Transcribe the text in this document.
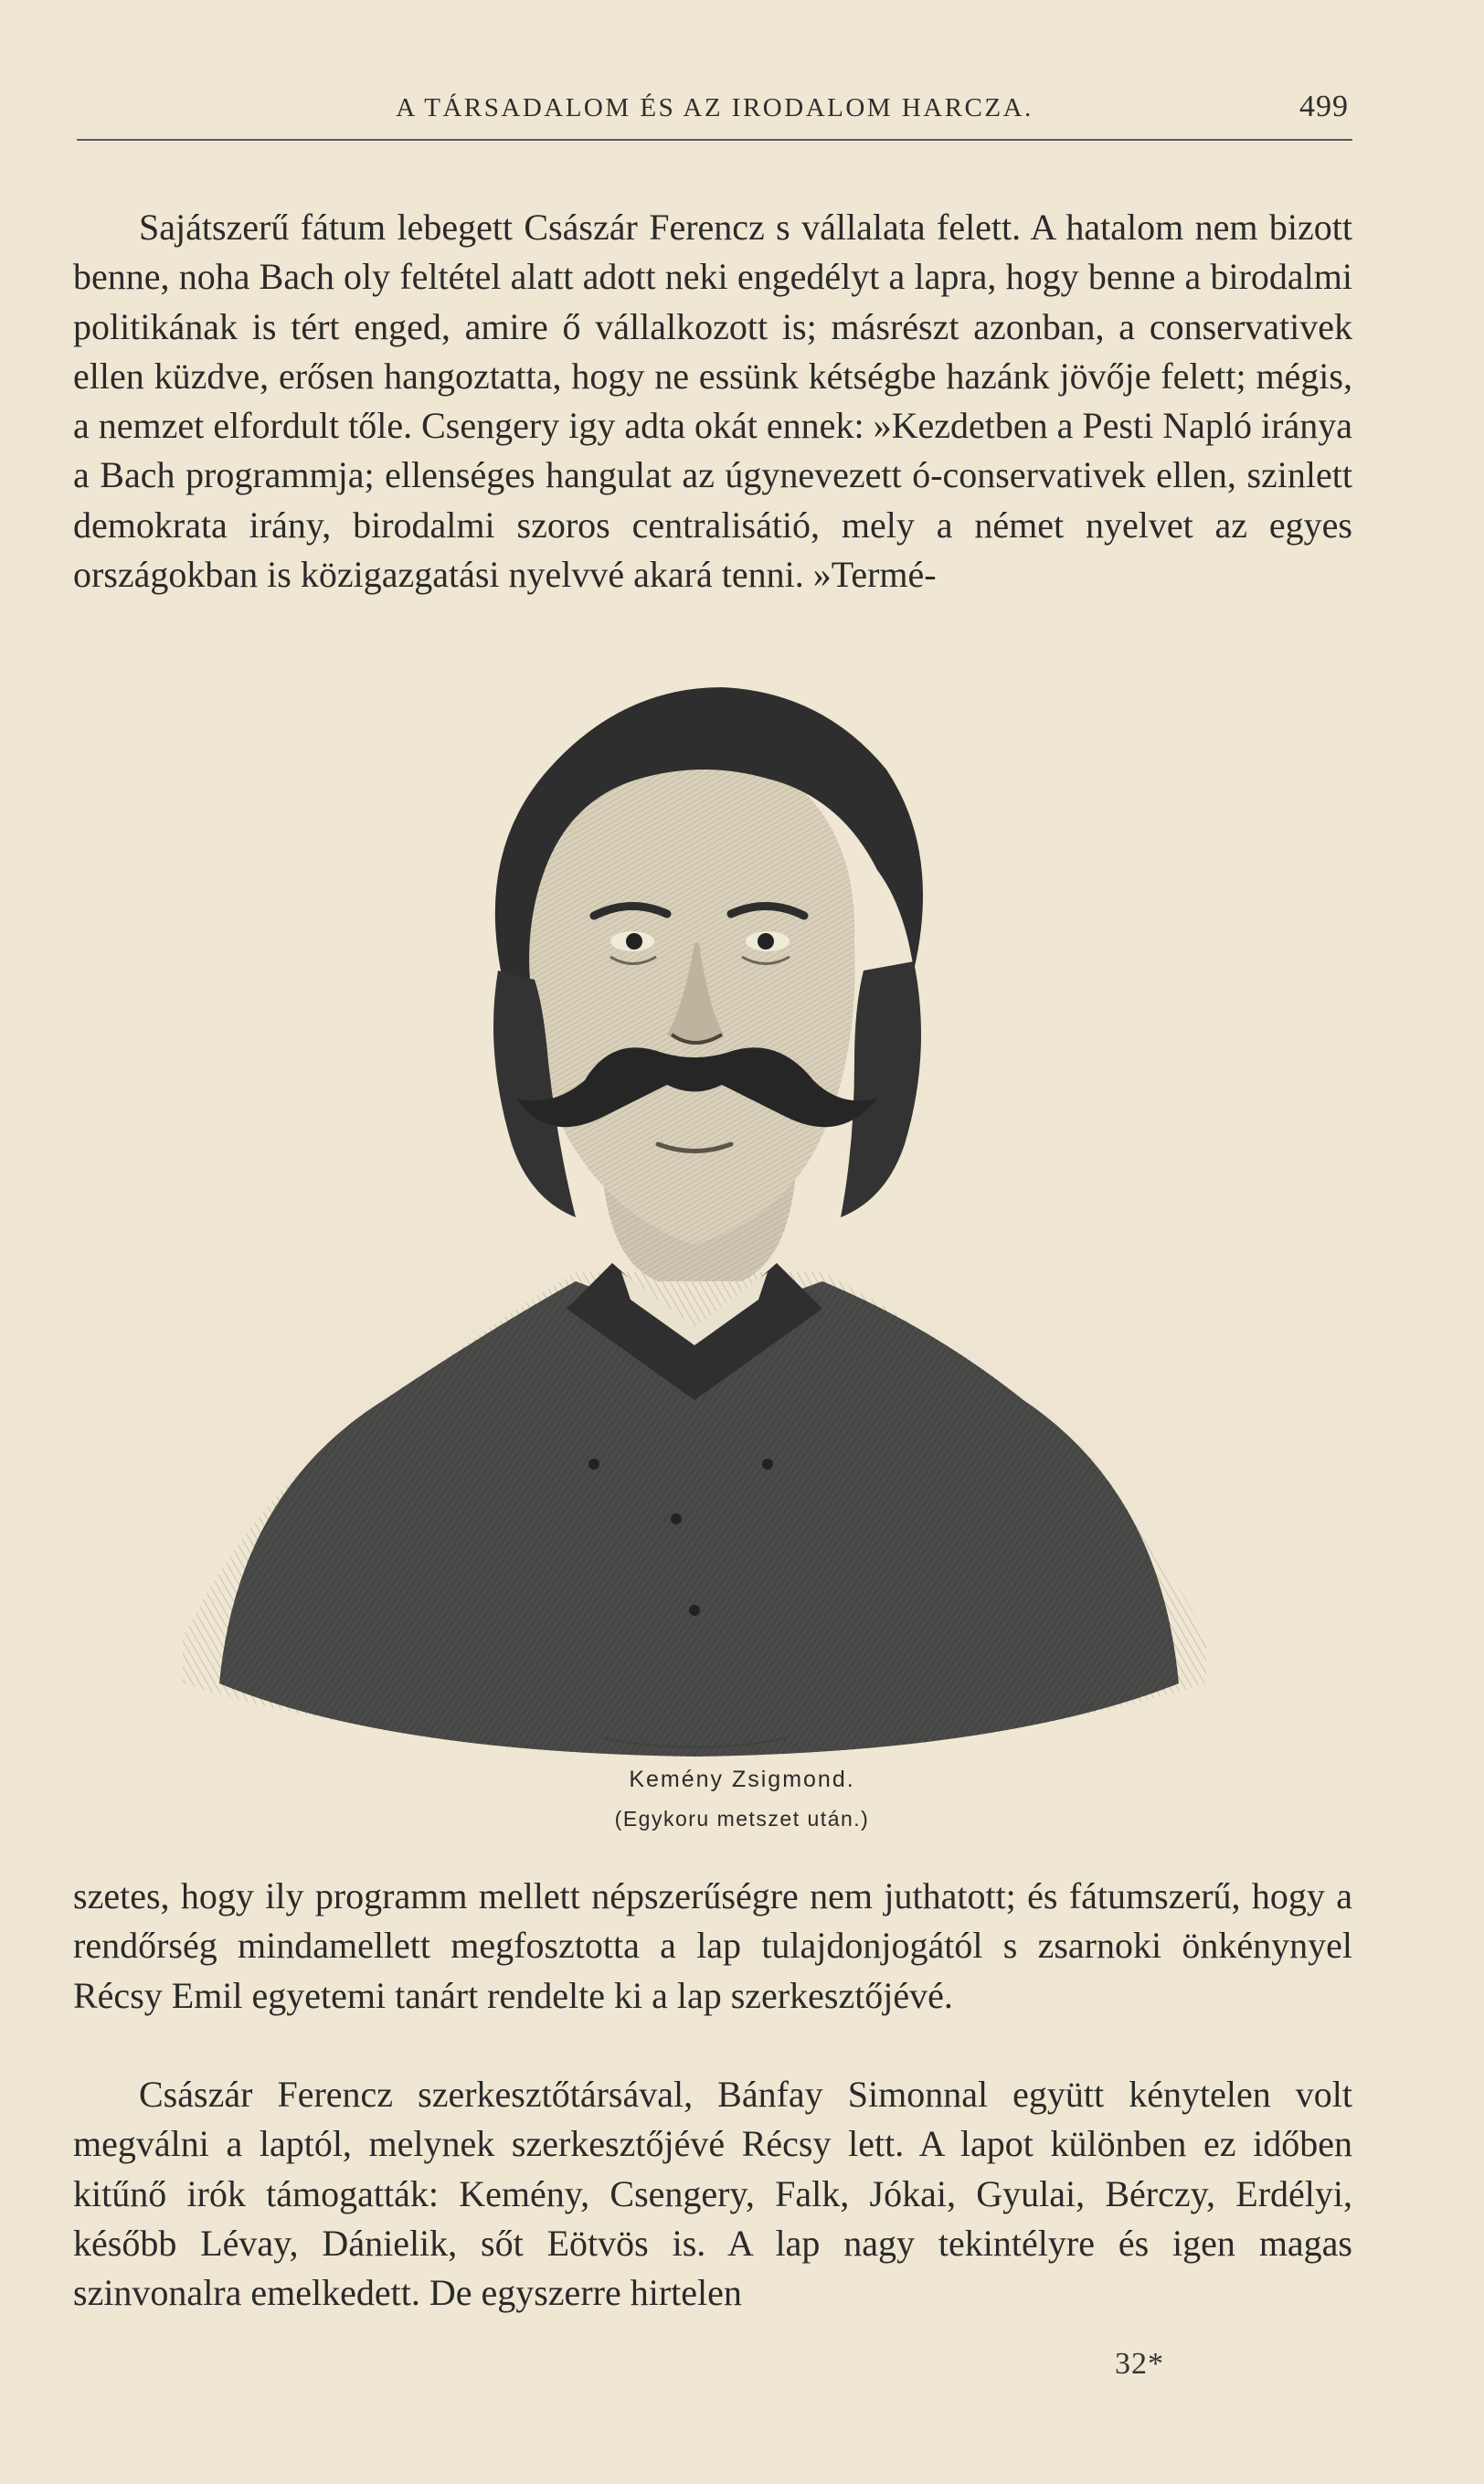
A TÁRSADALOM ÉS AZ IRODALOM HARCZA.	499

Sajátszerű fátum lebegett Császár Ferencz s vállalata felett. A hatalom nem bizott benne, noha Bach oly feltétel alatt adott neki engedélyt a lapra, hogy benne a birodalmi politikának is tért enged, amire ő vállalkozott is; másrészt azonban, a conservativek ellen küzdve, erősen hangoztatta, hogy ne essünk kétségbe hazánk jövője felett; mégis, a nemzet elfordult tőle. Csengery igy adta okát ennek: »Kezdetben a Pesti Napló iránya a Bach programmja; ellenséges hangulat az úgynevezett ó-conservativek ellen, szinlett demokrata irány, birodalmi szoros centralisátió, mely a német nyelvet az egyes országokban is közigazgatási nyelvvé akará tenni. »Termé-

Kemény Zsigmond.
(Egykoru metszet után.)

szetes, hogy ily programm mellett népszerűségre nem juthatott; és fátumszerű, hogy a rendőrség mindamellett megfosztotta a lap tulajdonjogától s zsarnoki önkénynyel Récsy Emil egyetemi tanárt rendelte ki a lap szerkesztőjévé.

Császár Ferencz szerkesztőtársával, Bánfay Simonnal együtt kénytelen volt megválni a laptól, melynek szerkesztőjévé Récsy lett. A lapot különben ez időben kitűnő irók támogatták: Kemény, Csengery, Falk, Jókai, Gyulai, Bérczy, Erdélyi, később Lévay, Dánielik, sőt Eötvös is. A lap nagy tekintélyre és igen magas szinvonalra emelkedett. De egyszerre hirtelen

32*
